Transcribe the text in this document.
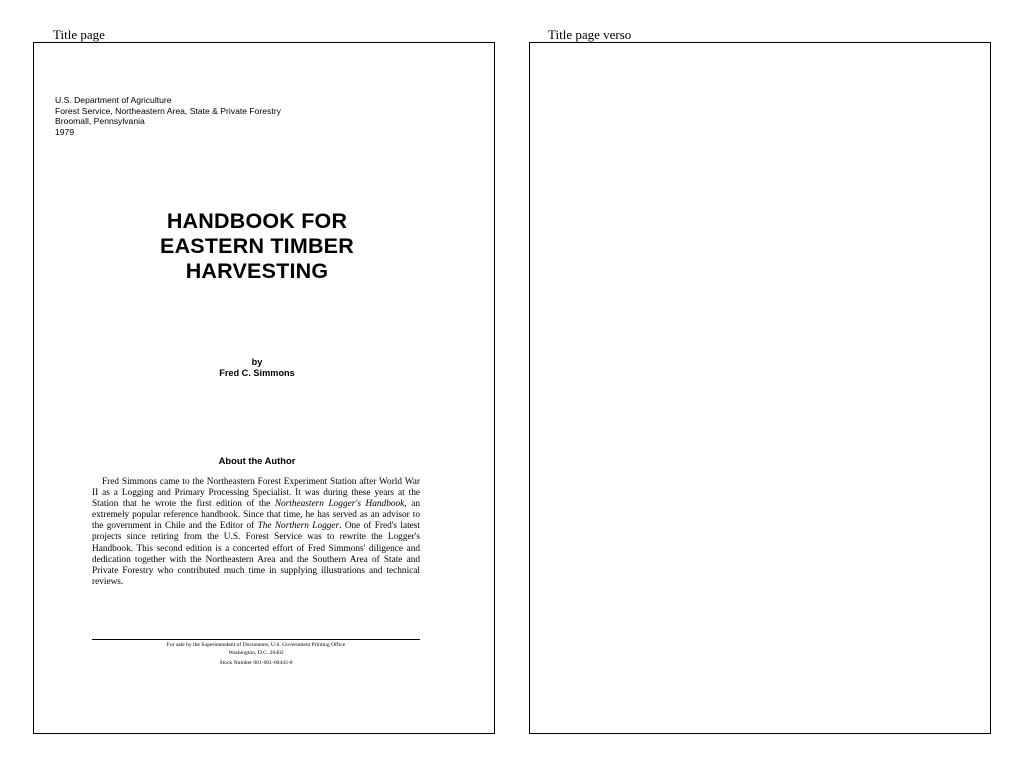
Title page	Title page verso
U.S. Department of Agriculture
Forest Service, Northeastern Area, State & Private Forestry
Broomall, Pennsylvania
1979
HANDBOOK FOR
EASTERN TIMBER
HARVESTING
by
Fred C. Simmons
About the Author
Fred Simmons came to the Northeastern Forest Experiment Station after World War II as a Logging and Primary Processing Specialist. It was during these years at the Station that he wrote the first edition of the Northeastern Logger's Handbook, an extremely popular reference handbook. Since that time, he has served as an advisor to the government in Chile and the Editor of The Northern Logger. One of Fred's latest projects since retiring from the U.S. Forest Service was to rewrite the Logger's Handbook. This second edition is a concerted effort of Fred Simmons' diligence and dedication together with the Northeastern Area and the Southern Area of State and Private Forestry who contributed much time in supplying illustrations and technical reviews.
For sale by the Superintendent of Documents, U.S. Government Printing Office
Washington, D.C. 20402
Stock Number 001-001-00443-0
